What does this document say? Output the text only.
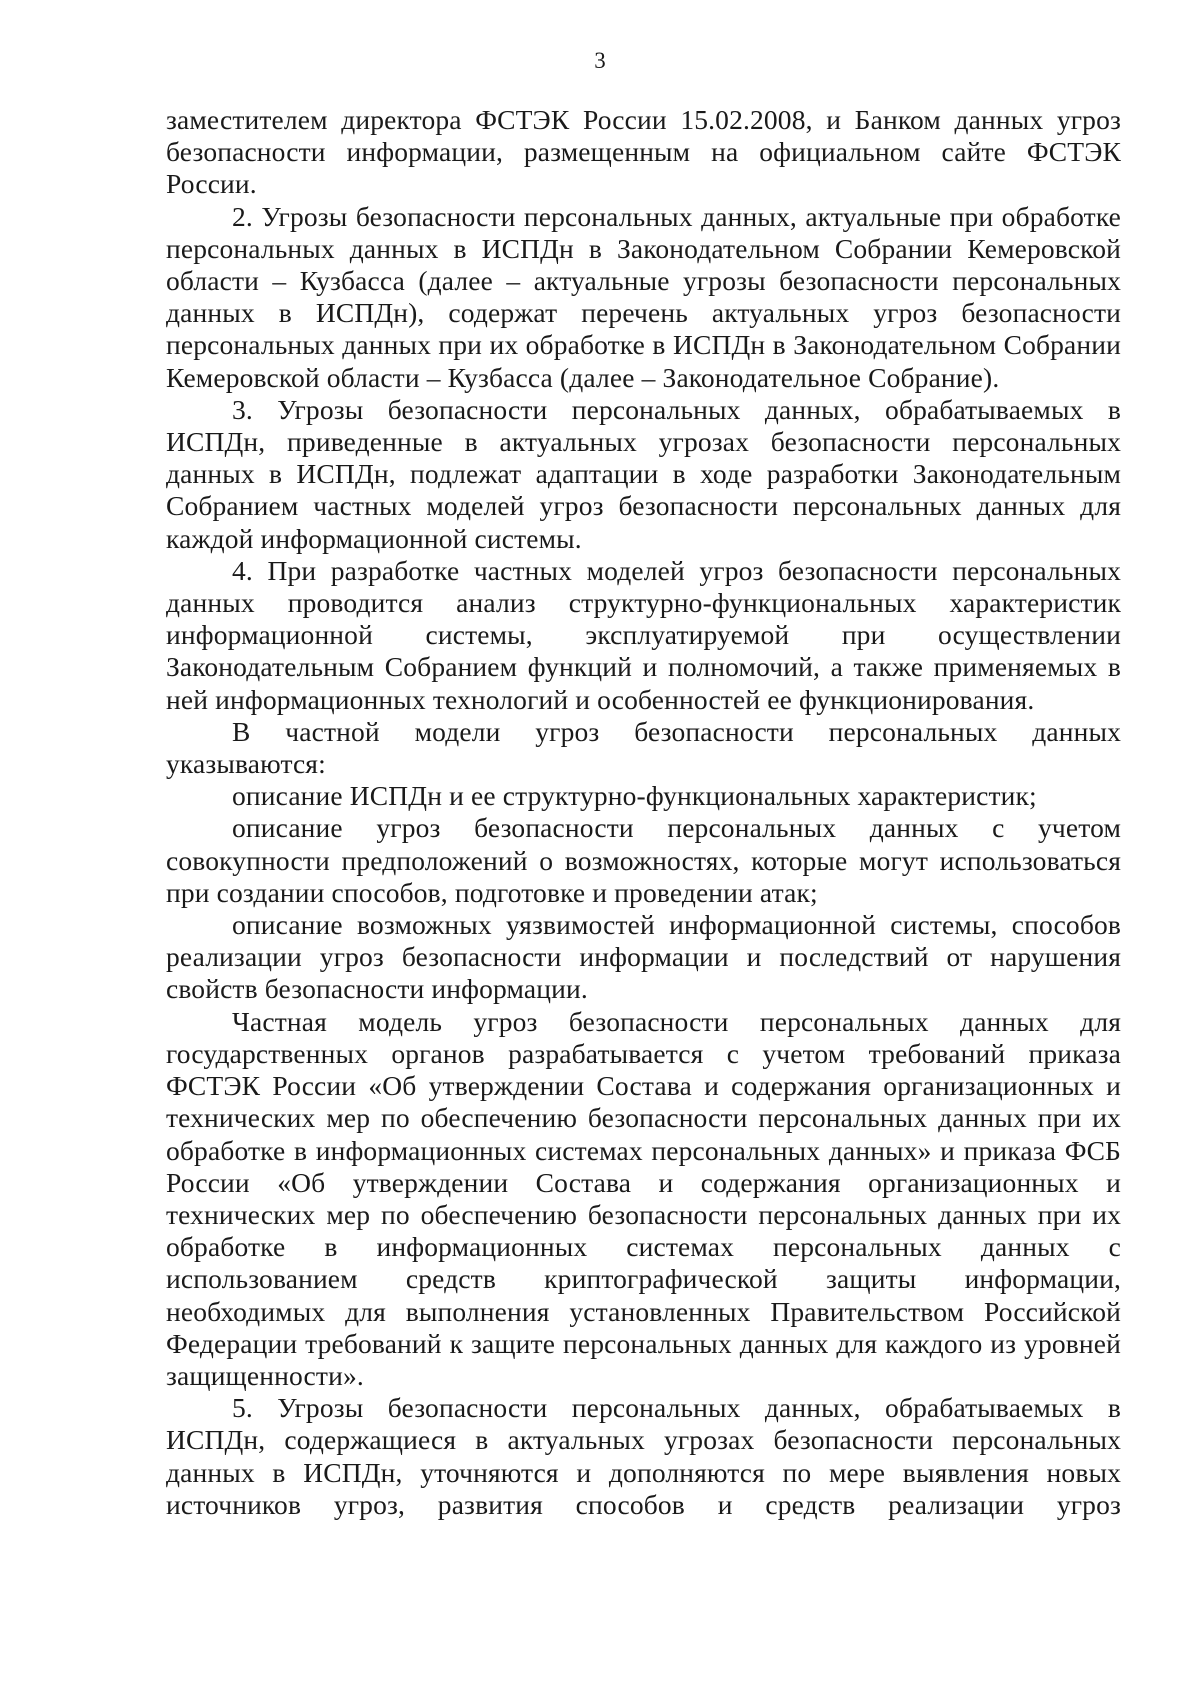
3

заместителем директора ФСТЭК России 15.02.2008, и Банком данных угроз безопасности информации, размещенным на официальном сайте ФСТЭК России.

2. Угрозы безопасности персональных данных, актуальные при обработке персональных данных в ИСПДн в Законодательном Собрании Кемеровской области – Кузбасса (далее – актуальные угрозы безопасности персональных данных в ИСПДн), содержат перечень актуальных угроз безопасности персональных данных при их обработке в ИСПДн в Законодательном Собрании Кемеровской области – Кузбасса (далее – Законодательное Собрание).

3. Угрозы безопасности персональных данных, обрабатываемых в ИСПДн, приведенные в актуальных угрозах безопасности персональных данных в ИСПДн, подлежат адаптации в ходе разработки Законодательным Собранием частных моделей угроз безопасности персональных данных для каждой информационной системы.

4. При разработке частных моделей угроз безопасности персональных данных проводится анализ структурно-функциональных характеристик информационной системы, эксплуатируемой при осуществлении Законодательным Собранием функций и полномочий, а также применяемых в ней информационных технологий и особенностей ее функционирования.

В частной модели угроз безопасности персональных данных указываются:

описание ИСПДн и ее структурно-функциональных характеристик;

описание угроз безопасности персональных данных с учетом совокупности предположений о возможностях, которые могут использоваться при создании способов, подготовке и проведении атак;

описание возможных уязвимостей информационной системы, способов реализации угроз безопасности информации и последствий от нарушения свойств безопасности информации.

Частная модель угроз безопасности персональных данных для государственных органов разрабатывается с учетом требований приказа ФСТЭК России «Об утверждении Состава и содержания организационных и технических мер по обеспечению безопасности персональных данных при их обработке в информационных системах персональных данных» и приказа ФСБ России «Об утверждении Состава и содержания организационных и технических мер по обеспечению безопасности персональных данных при их обработке в информационных системах персональных данных с использованием средств криптографической защиты информации, необходимых для выполнения установленных Правительством Российской Федерации требований к защите персональных данных для каждого из уровней защищенности».

5. Угрозы безопасности персональных данных, обрабатываемых в ИСПДн, содержащиеся в актуальных угрозах безопасности персональных данных в ИСПДн, уточняются и дополняются по мере выявления новых источников угроз, развития способов и средств реализации угроз
